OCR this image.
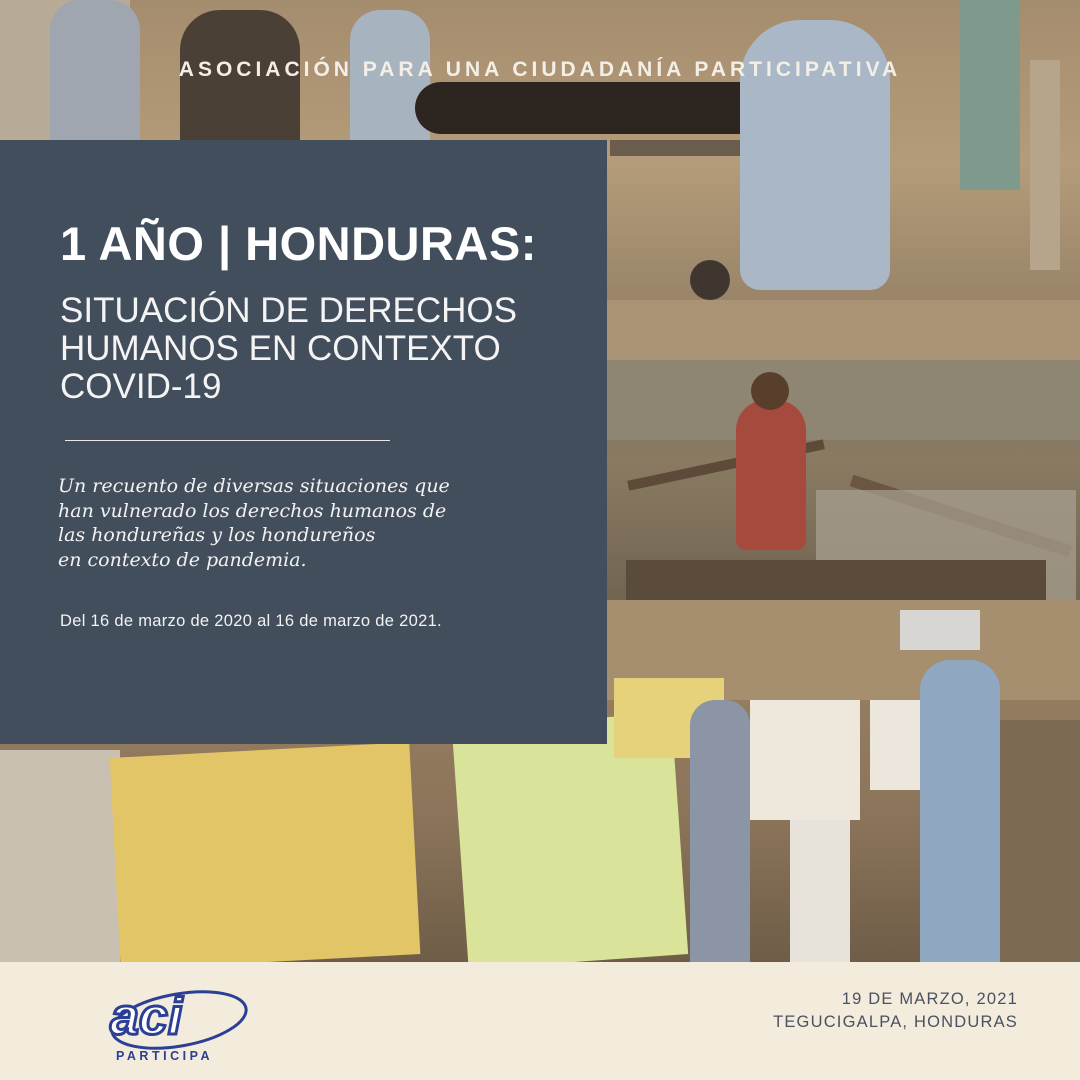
ASOCIACIÓN PARA UNA CIUDADANÍA PARTICIPATIVA
1 AÑO | HONDURAS:
SITUACIÓN DE DERECHOS
HUMANOS EN CONTEXTO
COVID-19
Un recuento de diversas situaciones que
han vulnerado los derechos humanos de
las hondureñas y los hondureños
en contexto de pandemia.
Del 16 de marzo de 2020 al 16 de marzo de 2021.
aci
PARTICIPA
19 DE MARZO, 2021
TEGUCIGALPA, HONDURAS
